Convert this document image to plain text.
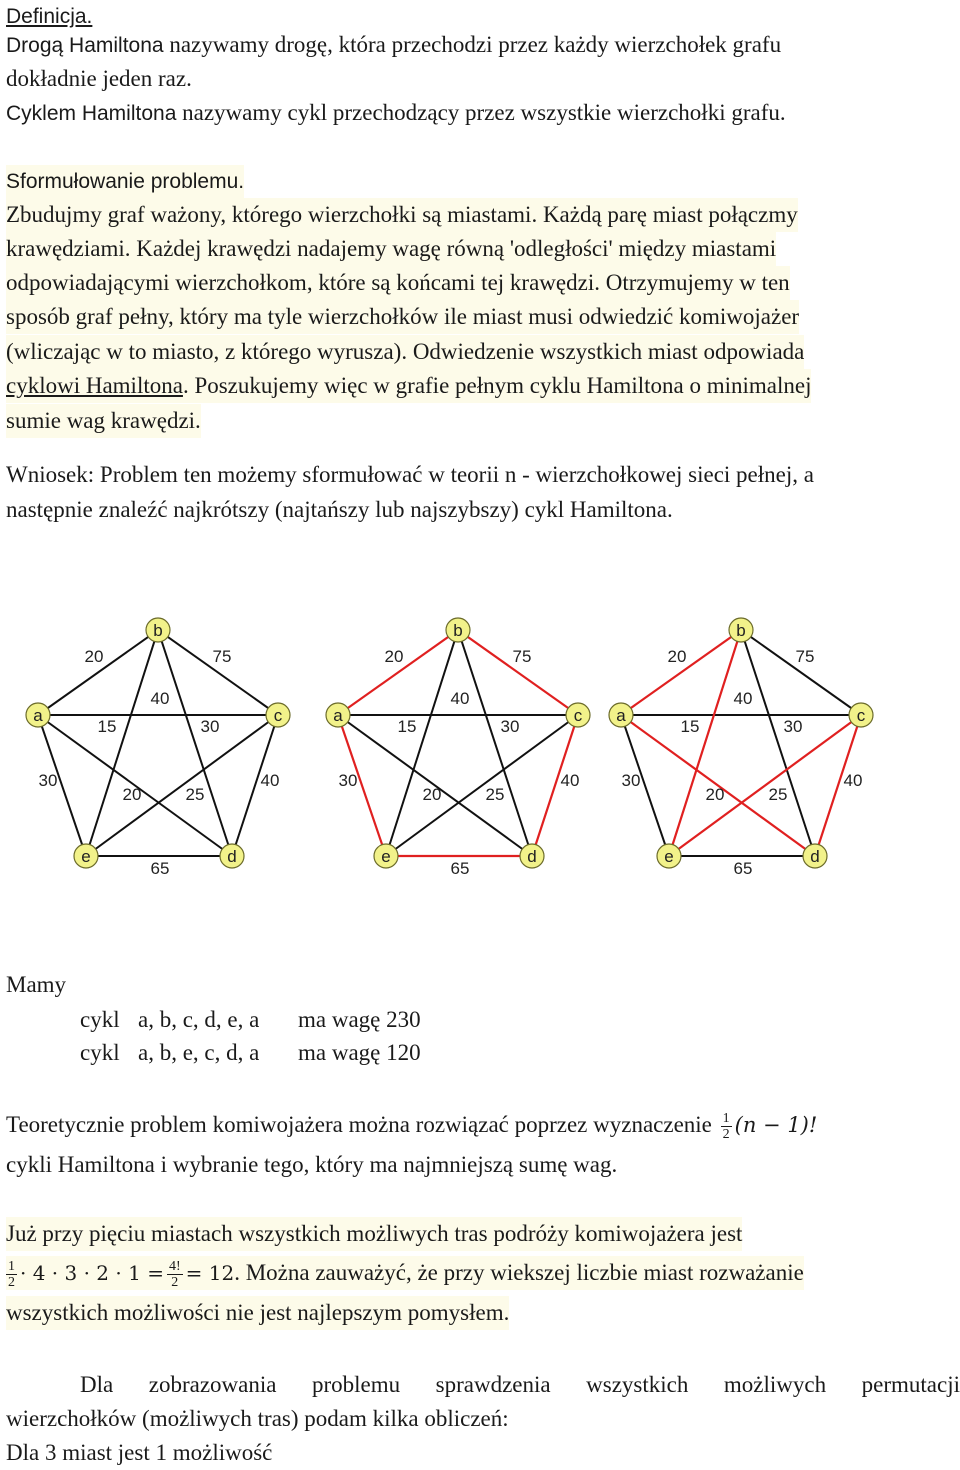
Definicja.
Drogą Hamiltona nazywamy drogę, która przechodzi przez każdy wierzchołek grafu
dokładnie jeden raz.
Cyklem Hamiltona nazywamy cykl przechodzący przez wszystkie wierzchołki grafu.
Sformułowanie problemu.
Zbudujmy graf ważony, którego wierzchołki są miastami. Każdą parę miast połączmy
krawędziami. Każdej krawędzi nadajemy wagę równą 'odległości' między miastami
odpowiadającymi wierzchołkom, które są końcami tej krawędzi. Otrzymujemy w ten
sposób graf pełny, który ma tyle wierzchołków ile miast musi odwiedzić komiwojażer
(wliczając w to miasto, z którego wyrusza). Odwiedzenie wszystkich miast odpowiada
cyklowi Hamiltona. Poszukujemy więc w grafie pełnym cyklu Hamiltona o minimalnej
sumie wag krawędzi.
Wniosek: Problem ten możemy sformułować w teorii n - wierzchołkowej sieci pełnej, a
następnie znaleźć najkrótszy (najtańszy lub najszybszy) cykl Hamiltona.
20	75
40
15	30
30	40
20	25
65
a
b
c
d
e
20	75
40
15	30
30	40
20	25
65
a
b
c
d
e
20	75
40
15	30
30	40
20	25
65
a
b
c
d
e
Mamy
cykl a, b, c, d, e, a ma wagę 230
cykl a, b, e, c, d, a ma wagę 120
Teoretycznie problem komiwojażera można rozwiązać poprzez wyznaczenie $\frac{1}{2} (n - 1)$!
cykli Hamiltona i wybranie tego, który ma najmniejszą sumę wag.
Już przy pięciu miastach wszystkich możliwych tras podróży komiwojażera jest
$\frac{1}{2} \cdot 4 \cdot 3 \cdot 2 \cdot 1 = \frac{4!}{2} = 12$. Można zauważyć, że przy wiekszej liczbie miast rozważanie
wszystkich możliwości nie jest najlepszym pomysłem.
Dla zobrazowania problemu sprawdzenia wszystkich możliwych permutacji
wierzchołków (możliwych tras) podam kilka obliczeń:
Dla 3 miast jest 1 możliwość
